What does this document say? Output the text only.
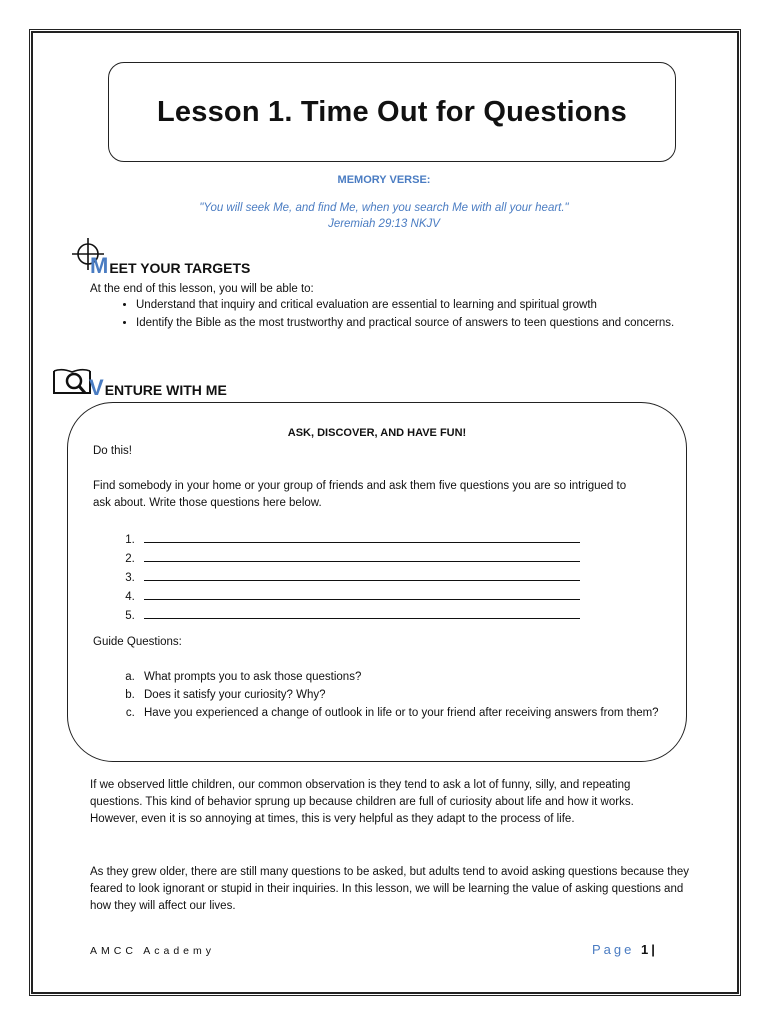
Lesson 1. Time Out for Questions
MEMORY VERSE:
"You will seek Me, and find Me, when you search Me with all your heart."
Jeremiah 29:13 NKJV
M EET YOUR TARGETS
At the end of this lesson, you will be able to:
• Understand that inquiry and critical evaluation are essential to learning and spiritual growth
• Identify the Bible as the most trustworthy and practical source of answers to teen questions and concerns.
V ENTURE WITH ME
ASK, DISCOVER, AND HAVE FUN!
Do this!
Find somebody in your home or your group of friends and ask them five questions you are so intrigued to ask about. Write those questions here below.
1.
2.
3.
4.
5.
Guide Questions:
a. What prompts you to ask those questions?
b. Does it satisfy your curiosity? Why?
c. Have you experienced a change of outlook in life or to your friend after receiving answers from them?
If we observed little children, our common observation is they tend to ask a lot of funny, silly, and repeating questions. This kind of behavior sprung up because children are full of curiosity about life and how it works. However, even it is so annoying at times, this is very helpful as they adapt to the process of life.
As they grew older, there are still many questions to be asked, but adults tend to avoid asking questions because they feared to look ignorant or stupid in their inquiries. In this lesson, we will be learning the value of asking questions and how they will affect our lives.
AMCC Academy	Page 1|
